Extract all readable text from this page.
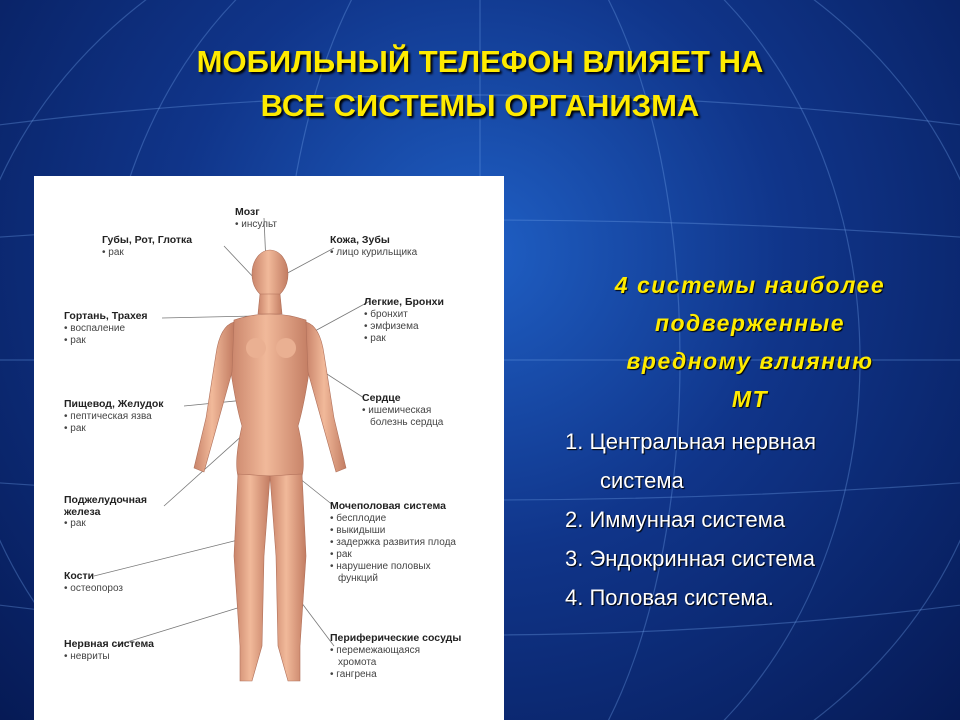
МОБИЛЬНЫЙ ТЕЛЕФОН ВЛИЯЕТ НА
ВСЕ СИСТЕМЫ ОРГАНИЗМА
Мозг
• инсульт
Губы, Рот, Глотка
• рак
Кожа, Зубы
• лицо курильщика
Гортань, Трахея
• воспаление
• рак
Легкие, Бронхи
• бронхит
• эмфизема
• рак
Пищевод, Желудок
• пептическая язва
• рак
Сердце
• ишемическая
болезнь сердца
Поджелудочная
железа
• рак
Мочеполовая система
• бесплодие
• выкидыши
• задержка развития плода
• рак
• нарушение половых
функций
Кости
• остеопороз
Нервная система
• невриты
Периферические сосуды
• перемежающаяся
хромота
• гангрена
4 системы наиболее
подверженные
вредному влиянию
МТ
1. Центральная нервная
система
2. Иммунная система
3. Эндокринная система
4. Половая система.
